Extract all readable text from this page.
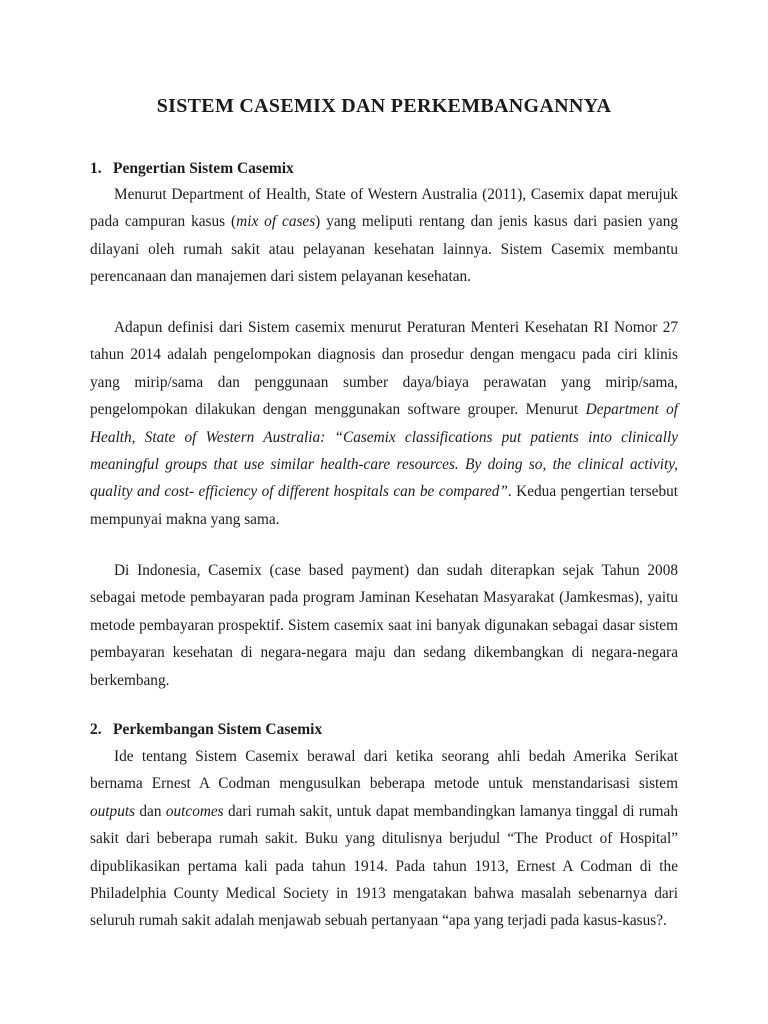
SISTEM CASEMIX DAN PERKEMBANGANNYA
1. Pengertian Sistem Casemix

Menurut Department of Health, State of Western Australia (2011), Casemix dapat merujuk pada campuran kasus (mix of cases) yang meliputi rentang dan jenis kasus dari pasien yang dilayani oleh rumah sakit atau pelayanan kesehatan lainnya. Sistem Casemix membantu perencanaan dan manajemen dari sistem pelayanan kesehatan.

Adapun definisi dari Sistem casemix menurut Peraturan Menteri Kesehatan RI Nomor 27 tahun 2014 adalah pengelompokan diagnosis dan prosedur dengan mengacu pada ciri klinis yang mirip/sama dan penggunaan sumber daya/biaya perawatan yang mirip/sama, pengelompokan dilakukan dengan menggunakan software grouper. Menurut Department of Health, State of Western Australia: “Casemix classifications put patients into clinically meaningful groups that use similar health-care resources. By doing so, the clinical activity, quality and cost- efficiency of different hospitals can be compared”. Kedua pengertian tersebut mempunyai makna yang sama.

Di Indonesia, Casemix (case based payment) dan sudah diterapkan sejak Tahun 2008 sebagai metode pembayaran pada program Jaminan Kesehatan Masyarakat (Jamkesmas), yaitu metode pembayaran prospektif. Sistem casemix saat ini banyak digunakan sebagai dasar sistem pembayaran kesehatan di negara-negara maju dan sedang dikembangkan di negara-negara berkembang.

2. Perkembangan Sistem Casemix

Ide tentang Sistem Casemix berawal dari ketika seorang ahli bedah Amerika Serikat bernama Ernest A Codman mengusulkan beberapa metode untuk menstandarisasi sistem outputs dan outcomes dari rumah sakit, untuk dapat membandingkan lamanya tinggal di rumah sakit dari beberapa rumah sakit. Buku yang ditulisnya berjudul “The Product of Hospital” dipublikasikan pertama kali pada tahun 1914. Pada tahun 1913, Ernest A Codman di the Philadelphia County Medical Society in 1913 mengatakan bahwa masalah sebenarnya dari seluruh rumah sakit adalah menjawab sebuah pertanyaan “apa yang terjadi pada kasus-kasus?.
